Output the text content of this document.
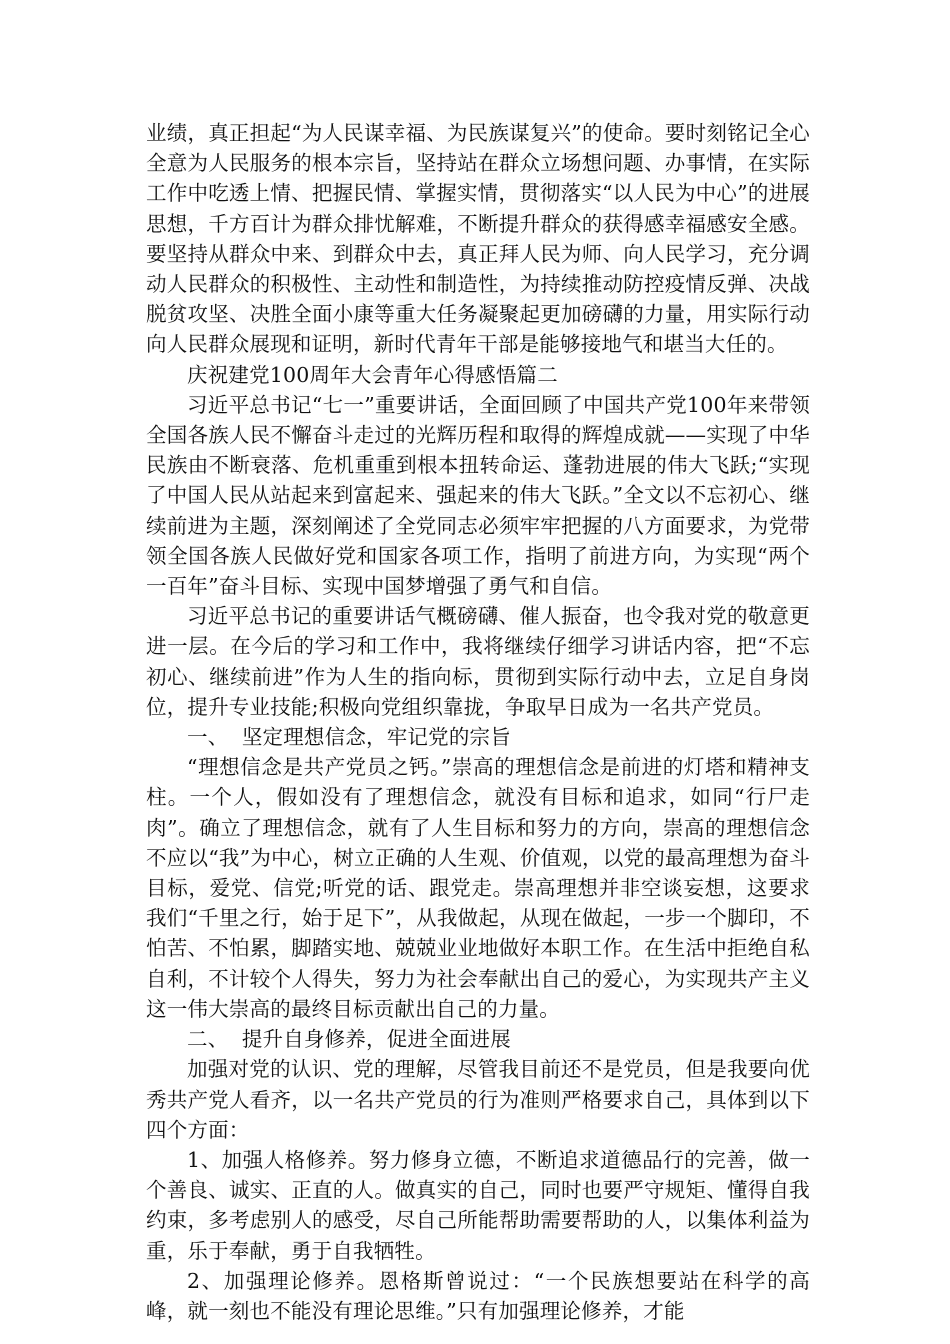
业绩，真正担起“为人民谋幸福、为民族谋复兴”的使命。要时刻铭记全心全意为人民服务的根本宗旨，坚持站在群众立场想问题、办事情，在实际工作中吃透上情、把握民情、掌握实情，贯彻落实“以人民为中心”的进展思想，千方百计为群众排忧解难，不断提升群众的获得感幸福感安全感。要坚持从群众中来、到群众中去，真正拜人民为师、向人民学习，充分调动人民群众的积极性、主动性和制造性，为持续推动防控疫情反弹、决战脱贫攻坚、决胜全面小康等重大任务凝聚起更加磅礴的力量，用实际行动向人民群众展现和证明，新时代青年干部是能够接地气和堪当大任的。

庆祝建党100周年大会青年心得感悟篇二

习近平总书记“七一”重要讲话，全面回顾了中国共产党100年来带领全国各族人民不懈奋斗走过的光辉历程和取得的辉煌成就——实现了中华民族由不断衰落、危机重重到根本扭转命运、蓬勃进展的伟大飞跃;“实现了中国人民从站起来到富起来、强起来的伟大飞跃。”全文以不忘初心、继续前进为主题，深刻阐述了全党同志必须牢牢把握的八方面要求，为党带领全国各族人民做好党和国家各项工作，指明了前进方向，为实现“两个一百年”奋斗目标、实现中国梦增强了勇气和自信。

习近平总书记的重要讲话气概磅礴、催人振奋，也令我对党的敬意更进一层。在今后的学习和工作中，我将继续仔细学习讲话内容，把“不忘初心、继续前进”作为人生的指向标，贯彻到实际行动中去，立足自身岗位，提升专业技能;积极向党组织靠拢，争取早日成为一名共产党员。

一、  坚定理想信念，牢记党的宗旨

“理想信念是共产党员之钙。”崇高的理想信念是前进的灯塔和精神支柱。一个人，假如没有了理想信念，就没有目标和追求，如同“行尸走肉”。确立了理想信念，就有了人生目标和努力的方向，崇高的理想信念不应以“我”为中心，树立正确的人生观、价值观，以党的最高理想为奋斗目标，爱党、信党;听党的话、跟党走。崇高理想并非空谈妄想，这要求我们“千里之行，始于足下”，从我做起，从现在做起，一步一个脚印，不怕苦、不怕累，脚踏实地、兢兢业业地做好本职工作。在生活中拒绝自私自利，不计较个人得失，努力为社会奉献出自己的爱心，为实现共产主义这一伟大崇高的最终目标贡献出自己的力量。

二、  提升自身修养，促进全面进展

加强对党的认识、党的理解，尽管我目前还不是党员，但是我要向优秀共产党人看齐，以一名共产党员的行为准则严格要求自己，具体到以下四个方面：

1、加强人格修养。努力修身立德，不断追求道德品行的完善，做一个善良、诚实、正直的人。做真实的自己，同时也要严守规矩、懂得自我约束，多考虑别人的感受，尽自己所能帮助需要帮助的人，以集体利益为重，乐于奉献，勇于自我牺牲。

2、加强理论修养。恩格斯曾说过：“一个民族想要站在科学的高峰，就一刻也不能没有理论思维。”只有加强理论修养，才能
